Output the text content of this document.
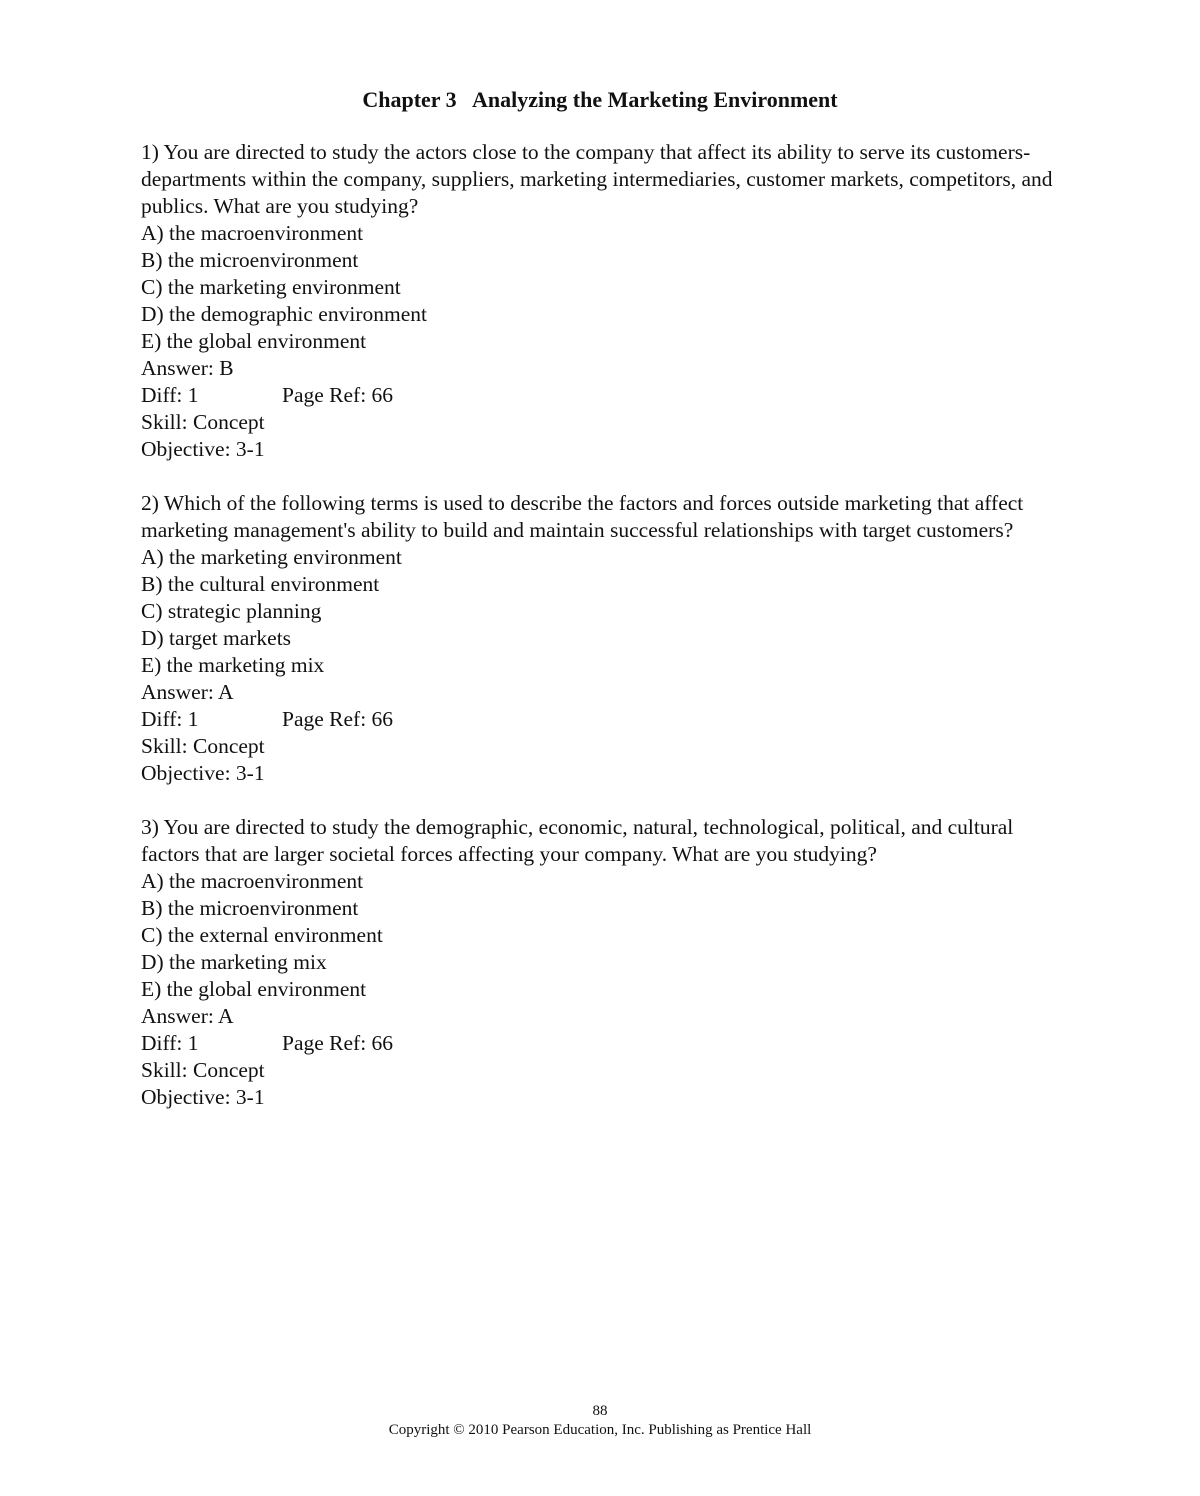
Chapter 3   Analyzing the Marketing Environment
1) You are directed to study the actors close to the company that affect its ability to serve its customers-departments within the company, suppliers, marketing intermediaries, customer markets, competitors, and publics. What are you studying?
A) the macroenvironment
B) the microenvironment
C) the marketing environment
D) the demographic environment
E) the global environment
Answer: B
Diff: 1	Page Ref: 66
Skill: Concept
Objective: 3-1
2) Which of the following terms is used to describe the factors and forces outside marketing that affect marketing management's ability to build and maintain successful relationships with target customers?
A) the marketing environment
B) the cultural environment
C) strategic planning
D) target markets
E) the marketing mix
Answer: A
Diff: 1	Page Ref: 66
Skill: Concept
Objective: 3-1
3) You are directed to study the demographic, economic, natural, technological, political, and cultural factors that are larger societal forces affecting your company. What are you studying?
A) the macroenvironment
B) the microenvironment
C) the external environment
D) the marketing mix
E) the global environment
Answer: A
Diff: 1	Page Ref: 66
Skill: Concept
Objective: 3-1
88
Copyright © 2010 Pearson Education, Inc. Publishing as Prentice Hall
